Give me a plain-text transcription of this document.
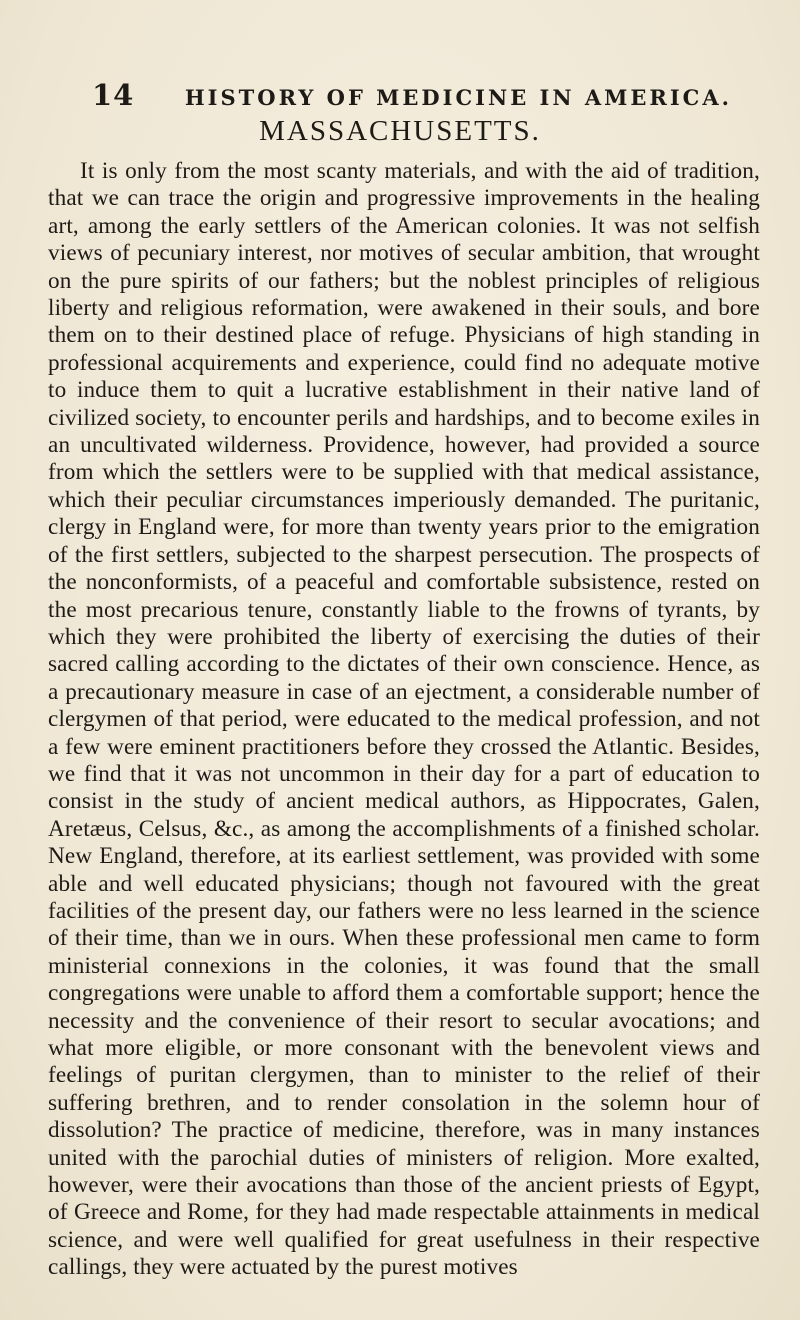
14	HISTORY OF MEDICINE IN AMERICA.
MASSACHUSETTS.

It is only from the most scanty materials, and with the aid of tradition, that we can trace the origin and progressive improvements in the healing art, among the early settlers of the American colonies. It was not selfish views of pecuniary interest, nor motives of secular ambition, that wrought on the pure spirits of our fathers; but the noblest principles of religious liberty and religious reformation, were awakened in their souls, and bore them on to their destined place of refuge. Physicians of high standing in professional acquirements and experience, could find no adequate motive to induce them to quit a lucrative establishment in their native land of civilized society, to encounter perils and hardships, and to become exiles in an uncultivated wilderness. Providence, however, had provided a source from which the settlers were to be supplied with that medical assistance, which their peculiar circumstances imperiously demanded. The puritanic, clergy in England were, for more than twenty years prior to the emigration of the first settlers, subjected to the sharpest persecution. The prospects of the nonconformists, of a peaceful and comfortable subsistence, rested on the most precarious tenure, constantly liable to the frowns of tyrants, by which they were prohibited the liberty of exercising the duties of their sacred calling according to the dictates of their own conscience. Hence, as a precautionary measure in case of an ejectment, a considerable number of clergymen of that period, were educated to the medical profession, and not a few were eminent practitioners before they crossed the Atlantic. Besides, we find that it was not uncommon in their day for a part of education to consist in the study of ancient medical authors, as Hippocrates, Galen, Aretæus, Celsus, &c., as among the accomplishments of a finished scholar. New England, therefore, at its earliest settlement, was provided with some able and well educated physicians; though not favoured with the great facilities of the present day, our fathers were no less learned in the science of their time, than we in ours. When these professional men came to form ministerial connexions in the colonies, it was found that the small congregations were unable to afford them a comfortable support; hence the necessity and the convenience of their resort to secular avocations; and what more eligible, or more consonant with the benevolent views and feelings of puritan clergymen, than to minister to the relief of their suffering brethren, and to render consolation in the solemn hour of dissolution? The practice of medicine, therefore, was in many instances united with the parochial duties of ministers of religion. More exalted, however, were their avocations than those of the ancient priests of Egypt, of Greece and Rome, for they had made respectable attainments in medical science, and were well qualified for great usefulness in their respective callings, they were actuated by the purest motives
